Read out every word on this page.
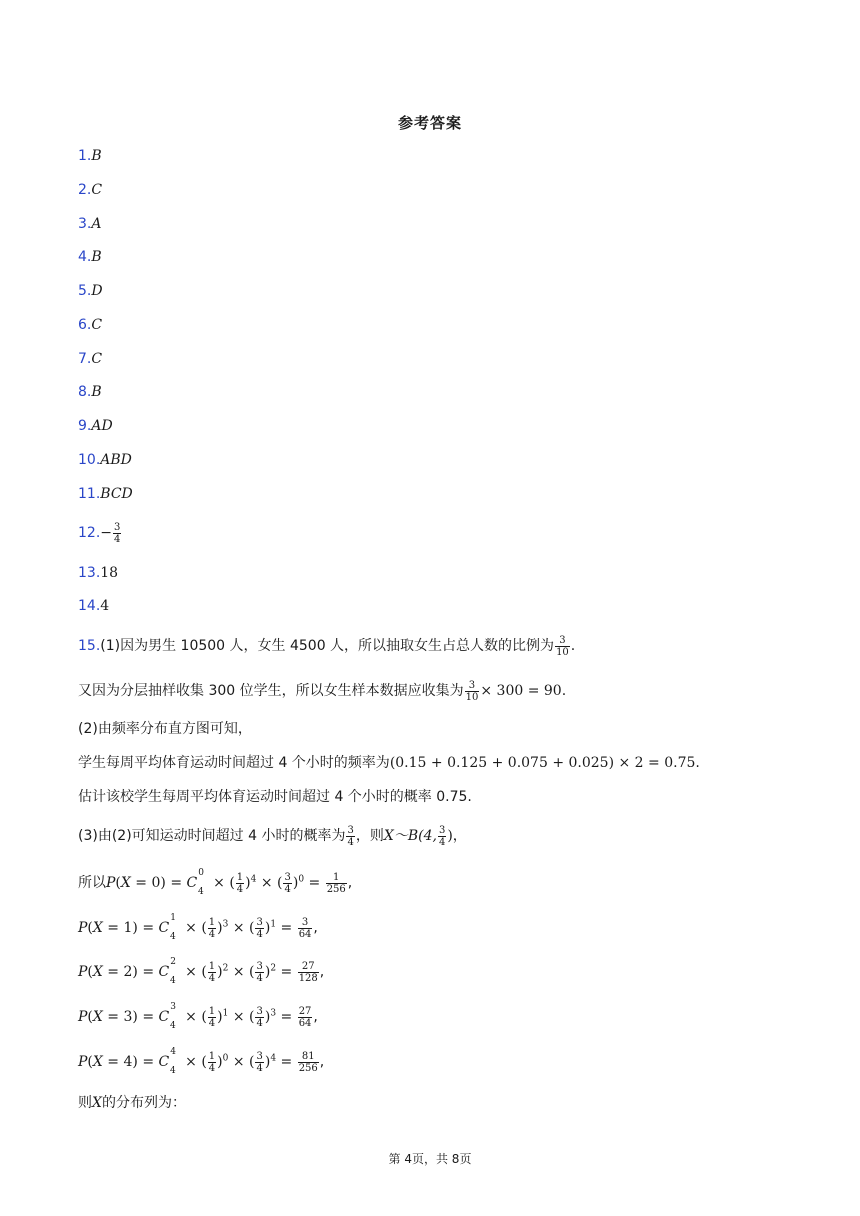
参考答案
1.B
2.C
3.A
4.B
5.D
6.C
7.C
8.B
9.AD
10.ABD
11.BCD
$12.- \frac{3}{4}$
13.18
14.4
15.(1)因为男生 10500 人，女生 4500 人，所以抽取女生占总人数的比例为 $\frac{3}{10}$ .
又因为分层抽样收集 300 位学生，所以女生样本数据应收集为 $\frac{3}{10} \times 300 = 90$.
(2)由频率分布直方图可知，
学生每周平均体育运动时间超过 4 个小时的频率为(0.15 + 0.125 + 0.075 + 0.025) × 2 = 0.75.
估计该校学生每周平均体育运动时间超过 4 个小时的概率 0.75.
(3)由(2)可知运动时间超过 4 小时的概率为 $\frac{3}{4}$ ，则X～B(4, $\frac{3}{4}$ )，
所以$P(X = 0) = C^0_4$ × ( $\frac{1}{4} )^4$ × ( $\frac{3}{4} )^0 = \frac{1}{256}$ ,
$P(X = 1) = C^1_4$ × ( $\frac{1}{4} )^3$ × ( $\frac{3}{4} )^1 = \frac{3}{64}$ ,
$P(X = 2) = C^2_4$ × ( $\frac{1}{4} )^2$ × ( $\frac{3}{4} )^2 = \frac{27}{128}$ ,
$P(X = 3) = C^3_4$ × ( $\frac{1}{4} )^1$ × ( $\frac{3}{4} )^3 = \frac{27}{64}$ ,
$P(X = 4) = C^4_4$ × ( $\frac{1}{4} )^0$ × ( $\frac{3}{4} )^4 = \frac{81}{256}$ ,
则X的分布列为：
第 4页，共 8页
